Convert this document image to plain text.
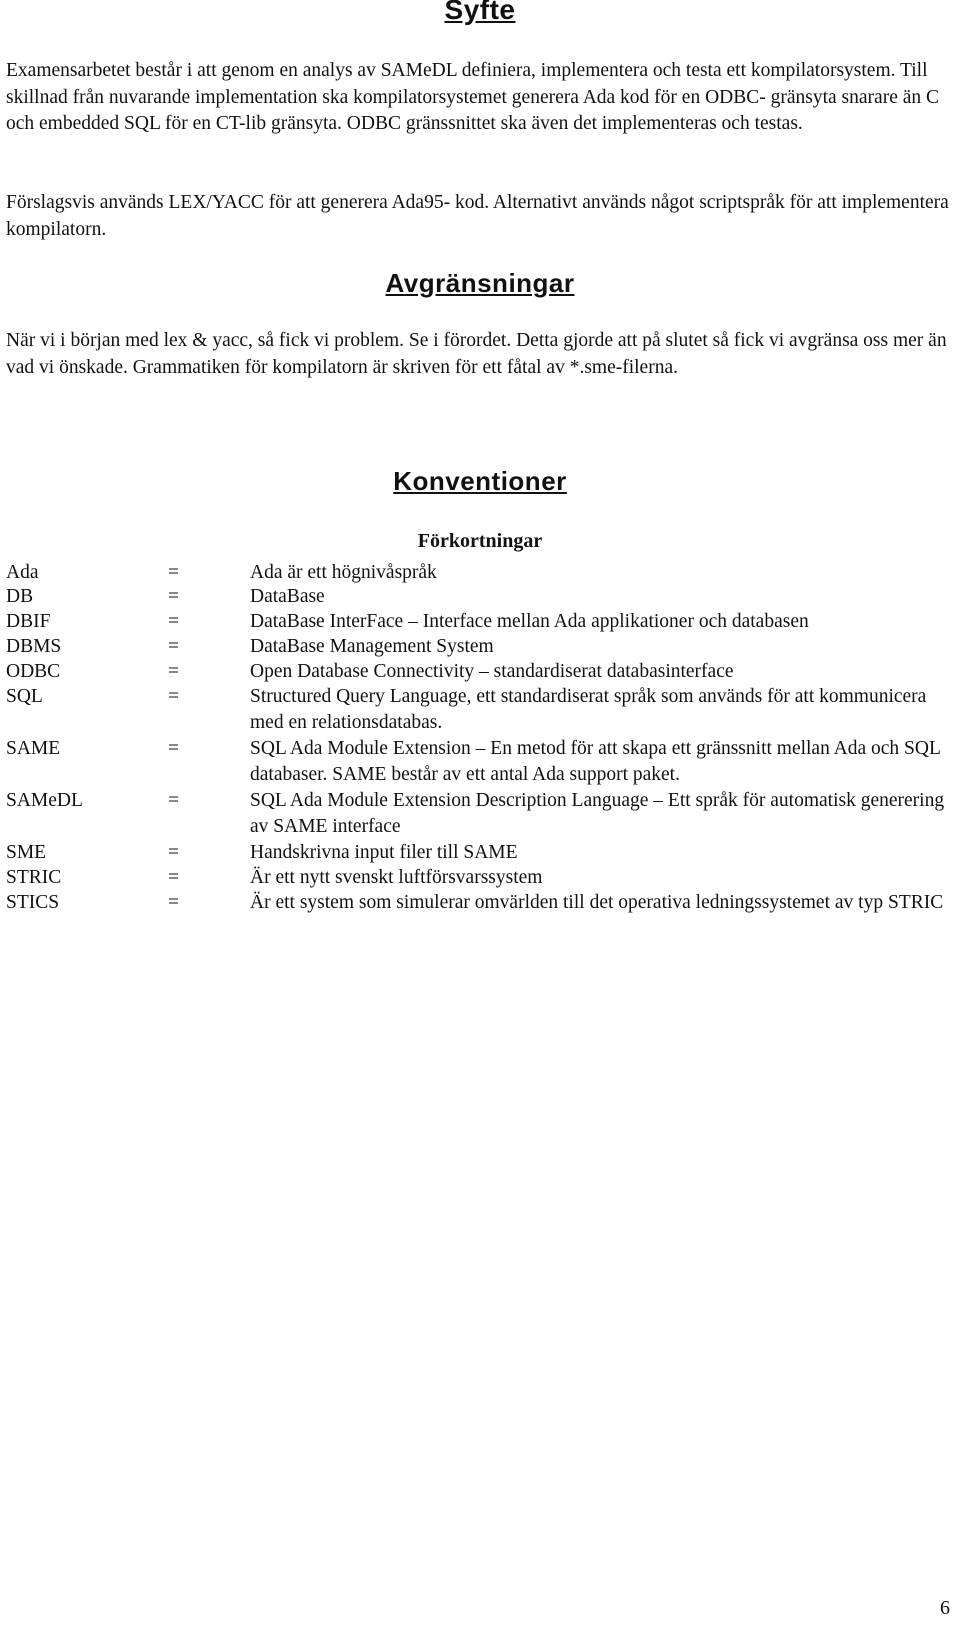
Syfte
Examensarbetet består i att genom en analys av SAMeDL definiera, implementera och testa ett kompilatorsystem. Till skillnad från nuvarande implementation ska kompilatorsystemet generera Ada kod för en ODBC- gränsyta snarare än C och embedded SQL för en CT-lib gränsyta. ODBC gränssnittet ska även det implementeras och testas.
Förslagsvis används LEX/YACC för att generera Ada95- kod. Alternativt används något scriptspråk för att implementera kompilatorn.
Avgränsningar
När vi i början med lex & yacc, så fick vi problem. Se i förordet. Detta gjorde att på slutet så fick vi avgränsa oss mer än vad vi önskade. Grammatiken för kompilatorn är skriven för ett fåtal av *.sme-filerna.
Konventioner
Förkortningar
Ada	=	Ada är ett högnivåspråk
DB	=	DataBase
DBIF	=	DataBase InterFace – Interface mellan Ada applikationer och databasen
DBMS	=	DataBase Management System
ODBC	=	Open Database Connectivity – standardiserat databasinterface
SQL	=	Structured Query Language, ett standardiserat språk som används för att kommunicera med en relationsdatabas.
SAME	=	SQL Ada Module Extension – En metod för att skapa ett gränssnitt mellan Ada och SQL databaser. SAME består av ett antal Ada support paket.
SAMeDL	=	SQL Ada Module Extension Description Language – Ett språk för automatisk generering av SAME interface
SME	=	Handskrivna input filer till SAME
STRIC	=	Är ett nytt svenskt luftförsvarssystem
STICS	=	Är ett system som simulerar omvärlden till det operativa ledningssystemet av typ STRIC
6
